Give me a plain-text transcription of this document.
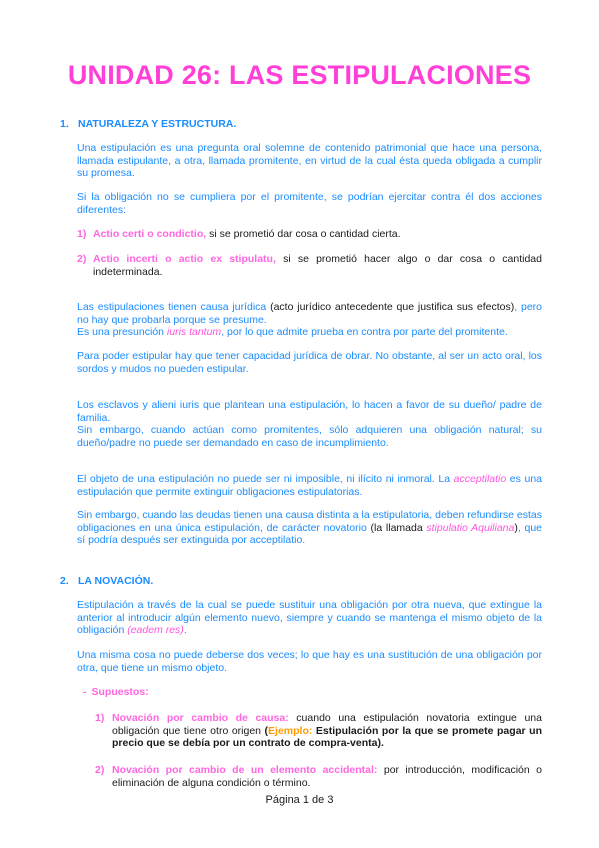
UNIDAD 26: LAS ESTIPULACIONES
1. NATURALEZA Y ESTRUCTURA.
Una estipulación es una pregunta oral solemne de contenido patrimonial que hace una persona, llamada estipulante, a otra, llamada promitente, en virtud de la cual ésta queda obligada a cumplir su promesa.
Si la obligación no se cumpliera por el promitente, se podrían ejercitar contra él dos acciones diferentes:
1) Actio certi o condictio, si se prometió dar cosa o cantidad cierta.
2) Actio incerti o actio ex stipulatu, si se prometió hacer algo o dar cosa o cantidad indeterminada.
Las estipulaciones tienen causa jurídica (acto jurídico antecedente que justifica sus efectos), pero no hay que probarla porque se presume.
Es una presunción iuris tantum, por lo que admite prueba en contra por parte del promitente.
Para poder estipular hay que tener capacidad jurídica de obrar. No obstante, al ser un acto oral, los sordos y mudos no pueden estipular.
Los esclavos y alieni iuris que plantean una estipulación, lo hacen a favor de su dueño/ padre de familia.
Sin embargo, cuando actúan como promitentes, sólo adquieren una obligación natural; su dueño/padre no puede ser demandado en caso de incumplimiento.
El objeto de una estipulación no puede ser ni imposible, ni ilícito ni inmoral. La acceptilatio es una estipulación que permite extinguir obligaciones estipulatorias.
Sin embargo, cuando las deudas tienen una causa distinta a la estipulatoria, deben refundirse estas obligaciones en una única estipulación, de carácter novatorio (la llamada stipulatio Aquiliana), que sí podría después ser extinguida por acceptilatio.
2. LA NOVACIÓN.
Estipulación a través de la cual se puede sustituir una obligación por otra nueva, que extingue la anterior al introducir algún elemento nuevo, siempre y cuando se mantenga el mismo objeto de la obligación (eadem res).
Una misma cosa no puede deberse dos veces; lo que hay es una sustitución de una obligación por otra, que tiene un mismo objeto.
- Supuestos:
1) Novación por cambio de causa: cuando una estipulación novatoria extingue una obligación que tiene otro origen (Ejemplo: Estipulación por la que se promete pagar un precio que se debía por un contrato de compra-venta).
2) Novación por cambio de un elemento accidental: por introducción, modificación o eliminación de alguna condición o término.
Página 1 de 3
